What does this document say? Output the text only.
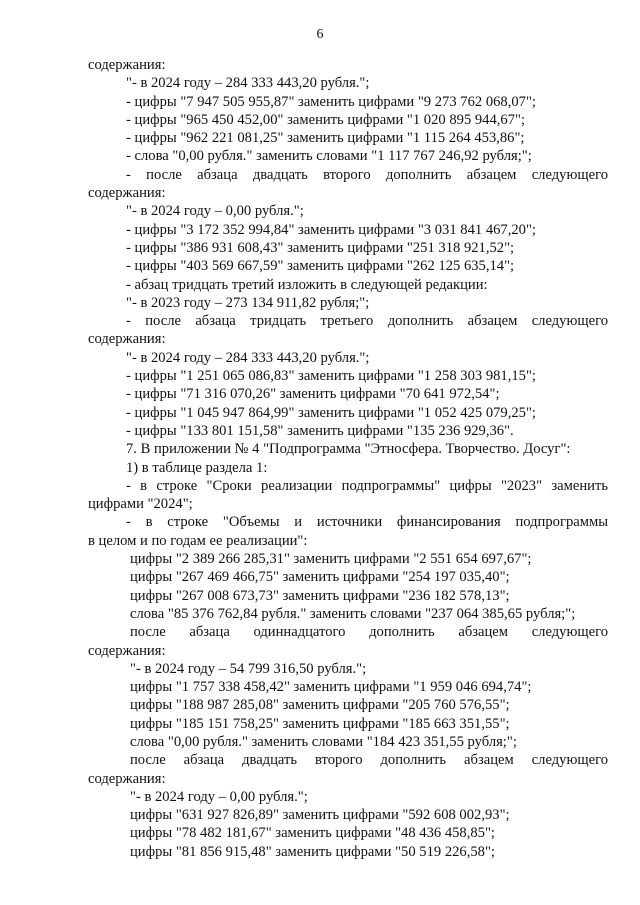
6
содержания:
"- в 2024 году – 284 333 443,20 рубля.";
- цифры "7 947 505 955,87" заменить цифрами "9 273 762 068,07";
- цифры "965 450 452,00" заменить цифрами "1 020 895 944,67";
- цифры "962 221 081,25" заменить цифрами "1 115 264 453,86";
- слова "0,00 рубля." заменить словами "1 117 767 246,92 рубля;";
- после абзаца двадцать второго дополнить абзацем следующего
содержания:
"- в 2024 году – 0,00 рубля.";
- цифры "3 172 352 994,84" заменить цифрами "3 031 841 467,20";
- цифры "386 931 608,43" заменить цифрами "251 318 921,52";
- цифры "403 569 667,59" заменить цифрами "262 125 635,14";
- абзац тридцать третий изложить в следующей редакции:
"- в 2023 году – 273 134 911,82 рубля;";
- после абзаца тридцать третьего дополнить абзацем следующего
содержания:
"- в 2024 году – 284 333 443,20 рубля.";
- цифры "1 251 065 086,83" заменить цифрами "1 258 303 981,15";
- цифры "71 316 070,26" заменить цифрами "70 641 972,54";
- цифры "1 045 947 864,99" заменить цифрами "1 052 425 079,25";
- цифры "133 801 151,58" заменить цифрами "135 236 929,36".
7. В приложении № 4 "Подпрограмма "Этносфера. Творчество. Досуг":
1) в таблице раздела 1:
- в строке "Сроки реализации подпрограммы" цифры "2023" заменить
цифрами "2024";
- в строке "Объемы и источники финансирования подпрограммы
в целом и по годам ее реализации":
цифры "2 389 266 285,31" заменить цифрами "2 551 654 697,67";
цифры "267 469 466,75" заменить цифрами "254 197 035,40";
цифры "267 008 673,73" заменить цифрами "236 182 578,13";
слова "85 376 762,84 рубля." заменить словами "237 064 385,65 рубля;";
после абзаца одиннадцатого дополнить абзацем следующего
содержания:
"- в 2024 году – 54 799 316,50 рубля.";
цифры "1 757 338 458,42" заменить цифрами "1 959 046 694,74";
цифры "188 987 285,08" заменить цифрами "205 760 576,55";
цифры "185 151 758,25" заменить цифрами "185 663 351,55";
слова "0,00 рубля." заменить словами "184 423 351,55 рубля;";
после абзаца двадцать второго дополнить абзацем следующего
содержания:
"- в 2024 году – 0,00 рубля.";
цифры "631 927 826,89" заменить цифрами "592 608 002,93";
цифры "78 482 181,67" заменить цифрами "48 436 458,85";
цифры "81 856 915,48" заменить цифрами "50 519 226,58";
